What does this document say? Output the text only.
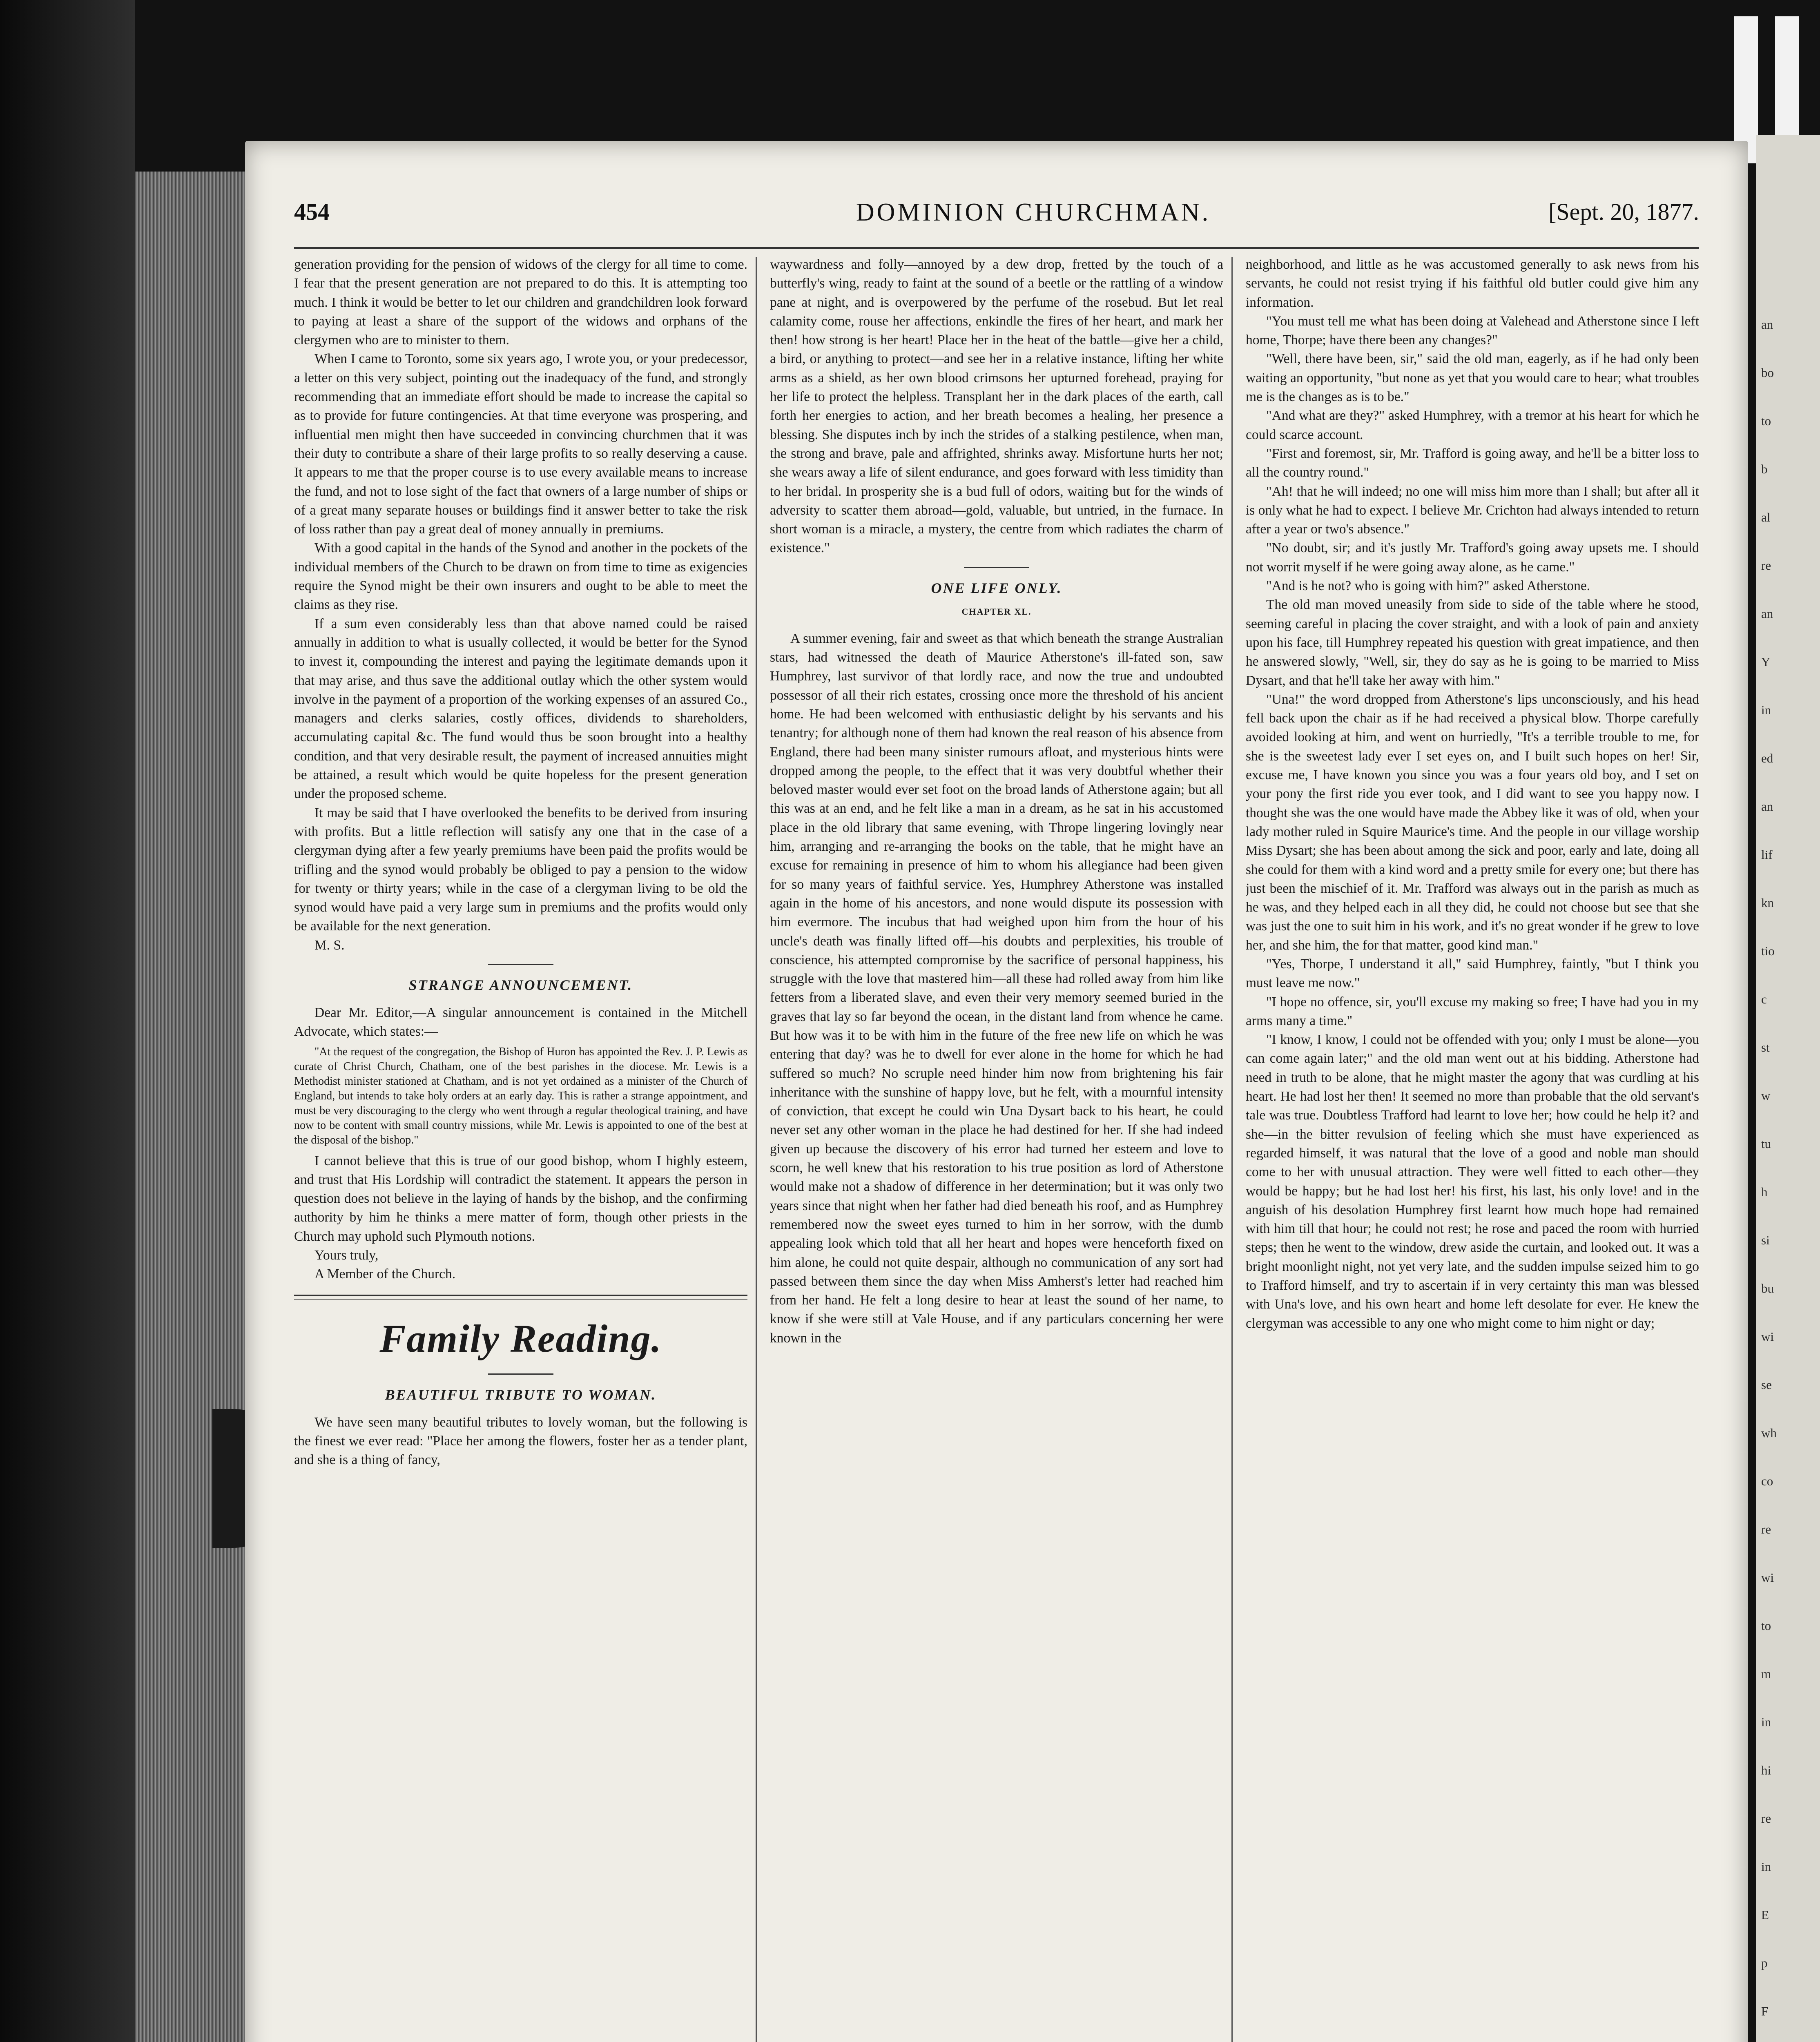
an

bo

to

b

al

re

an

Y

in

ed

an

lif

kn

tio

c

st

w

tu

h

si

bu

wi

se

wh

co

re

wi

to

m

in

hi

re

in

E

p

F

454	DOMINION CHURCHMAN.	[Sept. 20, 1877.

generation providing for the pension of widows of the clergy for all time to come. I fear that the present generation are not prepared to do this. It is attempting too much. I think it would be better to let our children and grandchildren look forward to paying at least a share of the support of the widows and orphans of the clergymen who are to minister to them.

When I came to Toronto, some six years ago, I wrote you, or your predecessor, a letter on this very subject, pointing out the inadequacy of the fund, and strongly recommending that an immediate effort should be made to increase the capital so as to provide for future contingencies. At that time everyone was prospering, and influential men might then have succeeded in convincing churchmen that it was their duty to contribute a share of their large profits to so really deserving a cause. It appears to me that the proper course is to use every available means to increase the fund, and not to lose sight of the fact that owners of a large number of ships or of a great many separate houses or buildings find it answer better to take the risk of loss rather than pay a great deal of money annually in premiums.

With a good capital in the hands of the Synod and another in the pockets of the individual members of the Church to be drawn on from time to time as exigencies require the Synod might be their own insurers and ought to be able to meet the claims as they rise.

If a sum even considerably less than that above named could be raised annually in addition to what is usually collected, it would be better for the Synod to invest it, compounding the interest and paying the legitimate demands upon it that may arise, and thus save the additional outlay which the other system would involve in the payment of a proportion of the working expenses of an assured Co., managers and clerks salaries, costly offices, dividends to shareholders, accumulating capital &c. The fund would thus be soon brought into a healthy condition, and that very desirable result, the payment of increased annuities might be attained, a result which would be quite hopeless for the present generation under the proposed scheme.

It may be said that I have overlooked the benefits to be derived from insuring with profits. But a little reflection will satisfy any one that in the case of a clergyman dying after a few yearly premiums have been paid the profits would be trifling and the synod would probably be obliged to pay a pension to the widow for twenty or thirty years; while in the case of a clergyman living to be old the synod would have paid a very large sum in premiums and the profits would only be available for the next generation.

M. S.

STRANGE ANNOUNCEMENT.

Dear Mr. Editor,—A singular announcement is contained in the Mitchell Advocate, which states:—

"At the request of the congregation, the Bishop of Huron has appointed the Rev. J. P. Lewis as curate of Christ Church, Chatham, one of the best parishes in the diocese. Mr. Lewis is a Methodist minister stationed at Chatham, and is not yet ordained as a minister of the Church of England, but intends to take holy orders at an early day. This is rather a strange appointment, and must be very discouraging to the clergy who went through a regular theological training, and have now to be content with small country missions, while Mr. Lewis is appointed to one of the best at the disposal of the bishop."

I cannot believe that this is true of our good bishop, whom I highly esteem, and trust that His Lordship will contradict the statement. It appears the person in question does not believe in the laying of hands by the bishop, and the confirming authority by him he thinks a mere matter of form, though other priests in the Church may uphold such Plymouth notions.

Yours truly,

A Member of the Church.

Family Reading.
BEAUTIFUL TRIBUTE TO WOMAN.

We have seen many beautiful tributes to lovely woman, but the following is the finest we ever read: "Place her among the flowers, foster her as a tender plant, and she is a thing of fancy,

waywardness and folly—annoyed by a dew drop, fretted by the touch of a butterfly's wing, ready to faint at the sound of a beetle or the rattling of a window pane at night, and is overpowered by the perfume of the rosebud. But let real calamity come, rouse her affections, enkindle the fires of her heart, and mark her then! how strong is her heart! Place her in the heat of the battle—give her a child, a bird, or anything to protect—and see her in a relative instance, lifting her white arms as a shield, as her own blood crimsons her upturned forehead, praying for her life to protect the helpless. Transplant her in the dark places of the earth, call forth her energies to action, and her breath becomes a healing, her presence a blessing. She disputes inch by inch the strides of a stalking pestilence, when man, the strong and brave, pale and affrighted, shrinks away. Misfortune hurts her not; she wears away a life of silent endurance, and goes forward with less timidity than to her bridal. In prosperity she is a bud full of odors, waiting but for the winds of adversity to scatter them abroad—gold, valuable, but untried, in the furnace. In short woman is a miracle, a mystery, the centre from which radiates the charm of existence."

ONE LIFE ONLY.
CHAPTER XL.

A summer evening, fair and sweet as that which beneath the strange Australian stars, had witnessed the death of Maurice Atherstone's ill-fated son, saw Humphrey, last survivor of that lordly race, and now the true and undoubted possessor of all their rich estates, crossing once more the threshold of his ancient home. He had been welcomed with enthusiastic delight by his servants and his tenantry; for although none of them had known the real reason of his absence from England, there had been many sinister rumours afloat, and mysterious hints were dropped among the people, to the effect that it was very doubtful whether their beloved master would ever set foot on the broad lands of Atherstone again; but all this was at an end, and he felt like a man in a dream, as he sat in his accustomed place in the old library that same evening, with Thrope lingering lovingly near him, arranging and re-arranging the books on the table, that he might have an excuse for remaining in presence of him to whom his allegiance had been given for so many years of faithful service. Yes, Humphrey Atherstone was installed again in the home of his ancestors, and none would dispute its possession with him evermore. The incubus that had weighed upon him from the hour of his uncle's death was finally lifted off—his doubts and perplexities, his trouble of conscience, his attempted compromise by the sacrifice of personal happiness, his struggle with the love that mastered him—all these had rolled away from him like fetters from a liberated slave, and even their very memory seemed buried in the graves that lay so far beyond the ocean, in the distant land from whence he came. But how was it to be with him in the future of the free new life on which he was entering that day? was he to dwell for ever alone in the home for which he had suffered so much? No scruple need hinder him now from brightening his fair inheritance with the sunshine of happy love, but he felt, with a mournful intensity of conviction, that except he could win Una Dysart back to his heart, he could never set any other woman in the place he had destined for her. If she had indeed given up because the discovery of his error had turned her esteem and love to scorn, he well knew that his restoration to his true position as lord of Atherstone would make not a shadow of difference in her determination; but it was only two years since that night when her father had died beneath his roof, and as Humphrey remembered now the sweet eyes turned to him in her sorrow, with the dumb appealing look which told that all her heart and hopes were henceforth fixed on him alone, he could not quite despair, although no communication of any sort had passed between them since the day when Miss Amherst's letter had reached him from her hand. He felt a long desire to hear at least the sound of her name, to know if she were still at Vale House, and if any particulars concerning her were known in the

neighborhood, and little as he was accustomed generally to ask news from his servants, he could not resist trying if his faithful old butler could give him any information.

"You must tell me what has been doing at Valehead and Atherstone since I left home, Thorpe; have there been any changes?"

"Well, there have been, sir," said the old man, eagerly, as if he had only been waiting an opportunity, "but none as yet that you would care to hear; what troubles me is the changes as is to be."

"And what are they?" asked Humphrey, with a tremor at his heart for which he could scarce account.

"First and foremost, sir, Mr. Trafford is going away, and he'll be a bitter loss to all the country round."

"Ah! that he will indeed; no one will miss him more than I shall; but after all it is only what he had to expect. I believe Mr. Crichton had always intended to return after a year or two's absence."

"No doubt, sir; and it's justly Mr. Trafford's going away upsets me. I should not worrit myself if he were going away alone, as he came."

"And is he not? who is going with him?" asked Atherstone.

The old man moved uneasily from side to side of the table where he stood, seeming careful in placing the cover straight, and with a look of pain and anxiety upon his face, till Humphrey repeated his question with great impatience, and then he answered slowly, "Well, sir, they do say as he is going to be married to Miss Dysart, and that he'll take her away with him."

"Una!" the word dropped from Atherstone's lips unconsciously, and his head fell back upon the chair as if he had received a physical blow. Thorpe carefully avoided looking at him, and went on hurriedly, "It's a terrible trouble to me, for she is the sweetest lady ever I set eyes on, and I built such hopes on her! Sir, excuse me, I have known you since you was a four years old boy, and I set on your pony the first ride you ever took, and I did want to see you happy now. I thought she was the one would have made the Abbey like it was of old, when your lady mother ruled in Squire Maurice's time. And the people in our village worship Miss Dysart; she has been about among the sick and poor, early and late, doing all she could for them with a kind word and a pretty smile for every one; but there has just been the mischief of it. Mr. Trafford was always out in the parish as much as he was, and they helped each in all they did, he could not choose but see that she was just the one to suit him in his work, and it's no great wonder if he grew to love her, and she him, the for that matter, good kind man."

"Yes, Thorpe, I understand it all," said Humphrey, faintly, "but I think you must leave me now."

"I hope no offence, sir, you'll excuse my making so free; I have had you in my arms many a time."

"I know, I know, I could not be offended with you; only I must be alone—you can come again later;" and the old man went out at his bidding. Atherstone had need in truth to be alone, that he might master the agony that was curdling at his heart. He had lost her then! It seemed no more than probable that the old servant's tale was true. Doubtless Trafford had learnt to love her; how could he help it? and she—in the bitter revulsion of feeling which she must have experienced as regarded himself, it was natural that the love of a good and noble man should come to her with unusual attraction. They were well fitted to each other—they would be happy; but he had lost her! his first, his last, his only love! and in the anguish of his desolation Humphrey first learnt how much hope had remained with him till that hour; he could not rest; he rose and paced the room with hurried steps; then he went to the window, drew aside the curtain, and looked out. It was a bright moonlight night, not yet very late, and the sudden impulse seized him to go to Trafford himself, and try to ascertain if in very certainty this man was blessed with Una's love, and his own heart and home left desolate for ever. He knew the clergyman was accessible to any one who might come to him night or day;
